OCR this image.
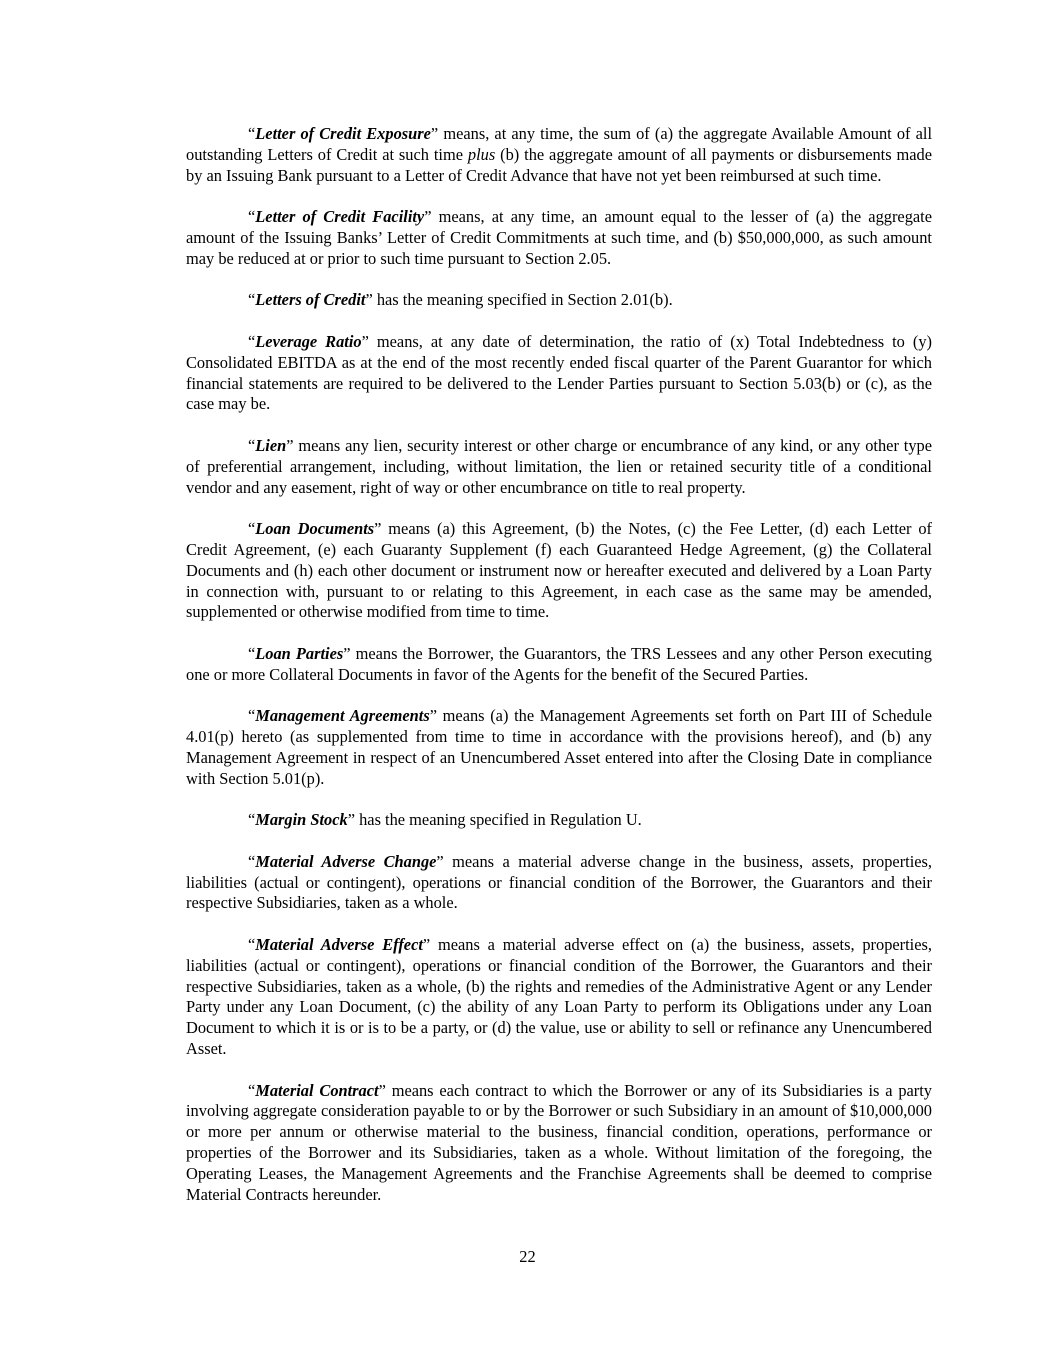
“Letter of Credit Exposure” means, at any time, the sum of (a) the aggregate Available Amount of all outstanding Letters of Credit at such time plus (b) the aggregate amount of all payments or disbursements made by an Issuing Bank pursuant to a Letter of Credit Advance that have not yet been reimbursed at such time.

“Letter of Credit Facility” means, at any time, an amount equal to the lesser of (a) the aggregate amount of the Issuing Banks’ Letter of Credit Commitments at such time, and (b) $50,000,000, as such amount may be reduced at or prior to such time pursuant to Section 2.05.

“Letters of Credit” has the meaning specified in Section 2.01(b).

“Leverage Ratio” means, at any date of determination, the ratio of (x) Total Indebtedness to (y) Consolidated EBITDA as at the end of the most recently ended fiscal quarter of the Parent Guarantor for which financial statements are required to be delivered to the Lender Parties pursuant to Section 5.03(b) or (c), as the case may be.

“Lien” means any lien, security interest or other charge or encumbrance of any kind, or any other type of preferential arrangement, including, without limitation, the lien or retained security title of a conditional vendor and any easement, right of way or other encumbrance on title to real property.

“Loan Documents” means (a) this Agreement, (b) the Notes, (c) the Fee Letter, (d) each Letter of Credit Agreement, (e) each Guaranty Supplement (f) each Guaranteed Hedge Agreement, (g) the Collateral Documents and (h) each other document or instrument now or hereafter executed and delivered by a Loan Party in connection with, pursuant to or relating to this Agreement, in each case as the same may be amended, supplemented or otherwise modified from time to time.

“Loan Parties” means the Borrower, the Guarantors, the TRS Lessees and any other Person executing one or more Collateral Documents in favor of the Agents for the benefit of the Secured Parties.

“Management Agreements” means (a) the Management Agreements set forth on Part III of Schedule 4.01(p) hereto (as supplemented from time to time in accordance with the provisions hereof), and (b) any Management Agreement in respect of an Unencumbered Asset entered into after the Closing Date in compliance with Section 5.01(p).

“Margin Stock” has the meaning specified in Regulation U.

“Material Adverse Change” means a material adverse change in the business, assets, properties, liabilities (actual or contingent), operations or financial condition of the Borrower, the Guarantors and their respective Subsidiaries, taken as a whole.

“Material Adverse Effect” means a material adverse effect on (a) the business, assets, properties, liabilities (actual or contingent), operations or financial condition of the Borrower, the Guarantors and their respective Subsidiaries, taken as a whole, (b) the rights and remedies of the Administrative Agent or any Lender Party under any Loan Document, (c) the ability of any Loan Party to perform its Obligations under any Loan Document to which it is or is to be a party, or (d) the value, use or ability to sell or refinance any Unencumbered Asset.

“Material Contract” means each contract to which the Borrower or any of its Subsidiaries is a party involving aggregate consideration payable to or by the Borrower or such Subsidiary in an amount of $10,000,000 or more per annum or otherwise material to the business, financial condition, operations, performance or properties of the Borrower and its Subsidiaries, taken as a whole. Without limitation of the foregoing, the Operating Leases, the Management Agreements and the Franchise Agreements shall be deemed to comprise Material Contracts hereunder.

22
